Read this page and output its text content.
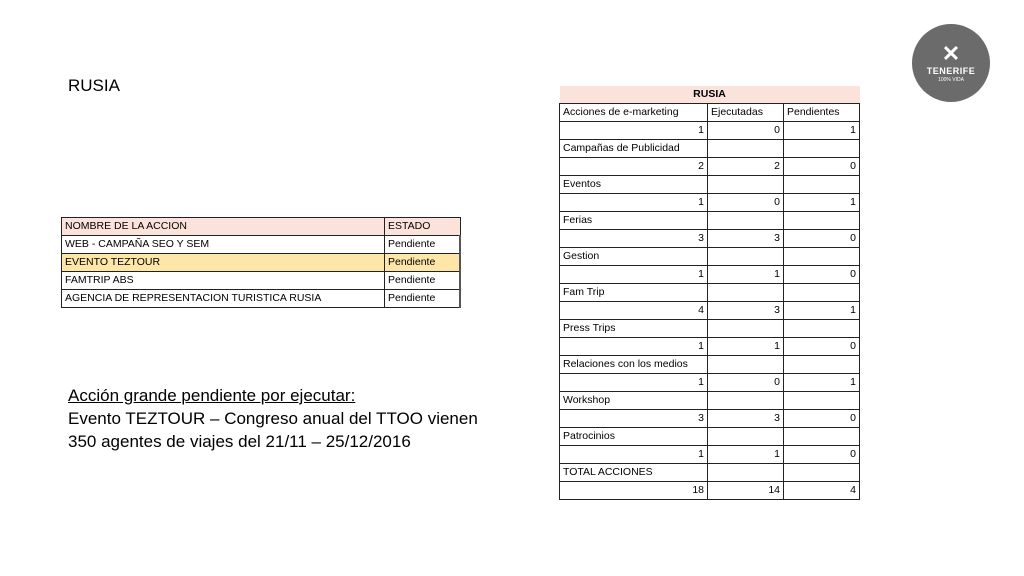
RUSIA
NOMBRE DE LA ACCION	ESTADO
WEB - CAMPAÑA SEO Y SEM	Pendiente
EVENTO TEZTOUR	Pendiente
FAMTRIP ABS	Pendiente
AGENCIA DE REPRESENTACION TURISTICA RUSIA	Pendiente
RUSIA		
Acciones de e-marketing	Ejecutadas	Pendientes
1	0	1
Campañas de Publicidad		
2	2	0
Eventos		
1	0	1
Ferias		
3	3	0
Gestion		
1	1	0
Fam Trip		
4	3	1
Press Trips		
1	1	0
Relaciones con los medios		
1	0	1
Workshop		
3	3	0
Patrocinios		
1	1	0
TOTAL ACCIONES		
18	14	4
Acción grande pendiente por ejecutar:
Evento TEZTOUR – Congreso anual del TTOO vienen
350 agentes de viajes del 21/11 – 25/12/2016
✕
TENERIFE
100% VIDA
